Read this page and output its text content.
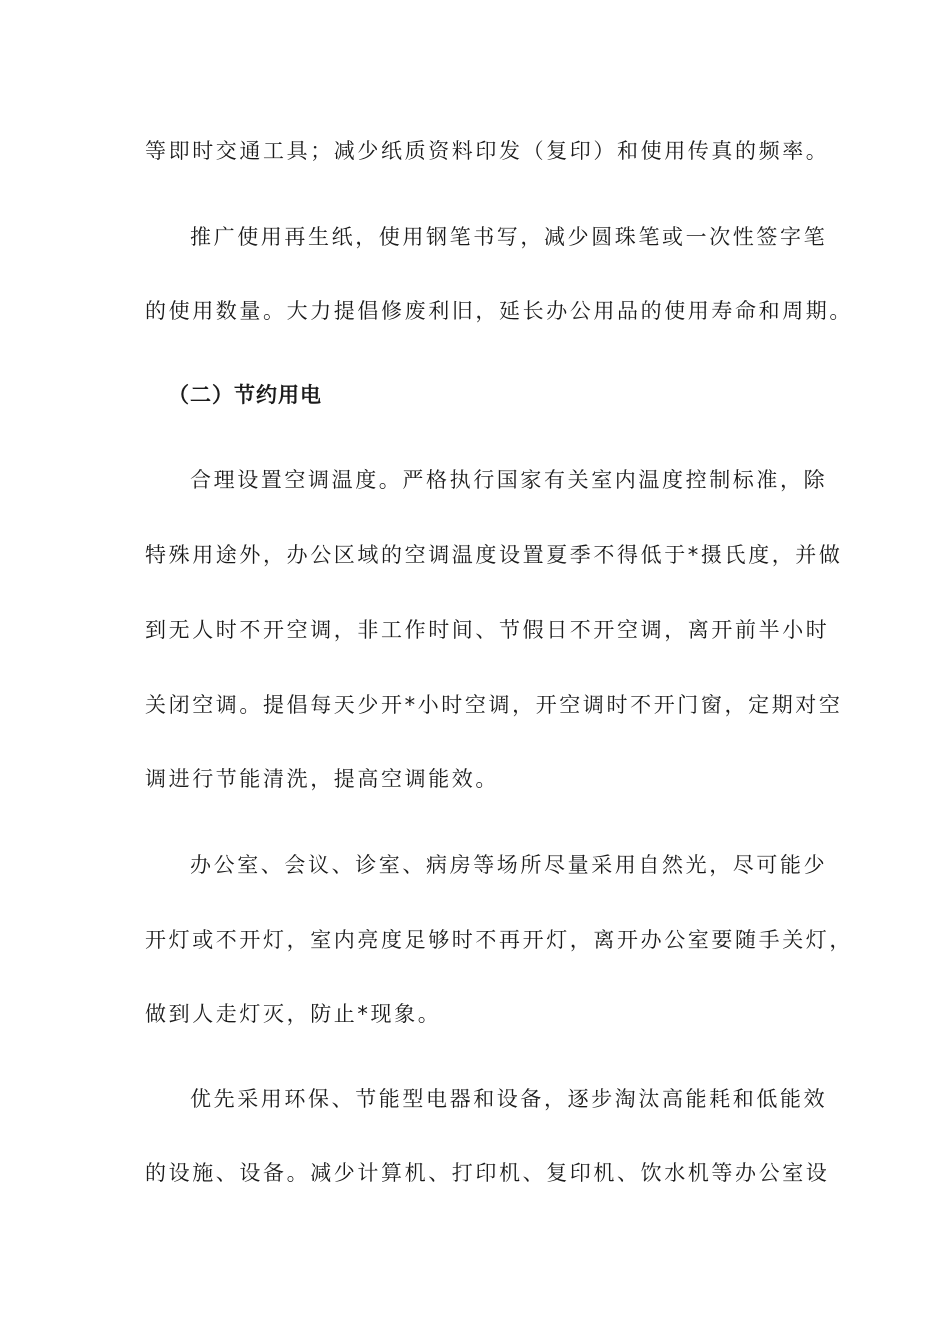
等即时交通工具；减少纸质资料印发（复印）和使用传真的频率。
推广使用再生纸，使用钢笔书写，减少圆珠笔或一次性签字笔
的使用数量。大力提倡修废利旧，延长办公用品的使用寿命和周期。
（二）节约用电
合理设置空调温度。严格执行国家有关室内温度控制标准，除
特殊用途外，办公区域的空调温度设置夏季不得低于*摄氏度，并做
到无人时不开空调，非工作时间、节假日不开空调，离开前半小时
关闭空调。提倡每天少开*小时空调，开空调时不开门窗，定期对空
调进行节能清洗，提高空调能效。
办公室、会议、诊室、病房等场所尽量采用自然光，尽可能少
开灯或不开灯，室内亮度足够时不再开灯，离开办公室要随手关灯，
做到人走灯灭，防止*现象。
优先采用环保、节能型电器和设备，逐步淘汰高能耗和低能效
的设施、设备。减少计算机、打印机、复印机、饮水机等办公室设
